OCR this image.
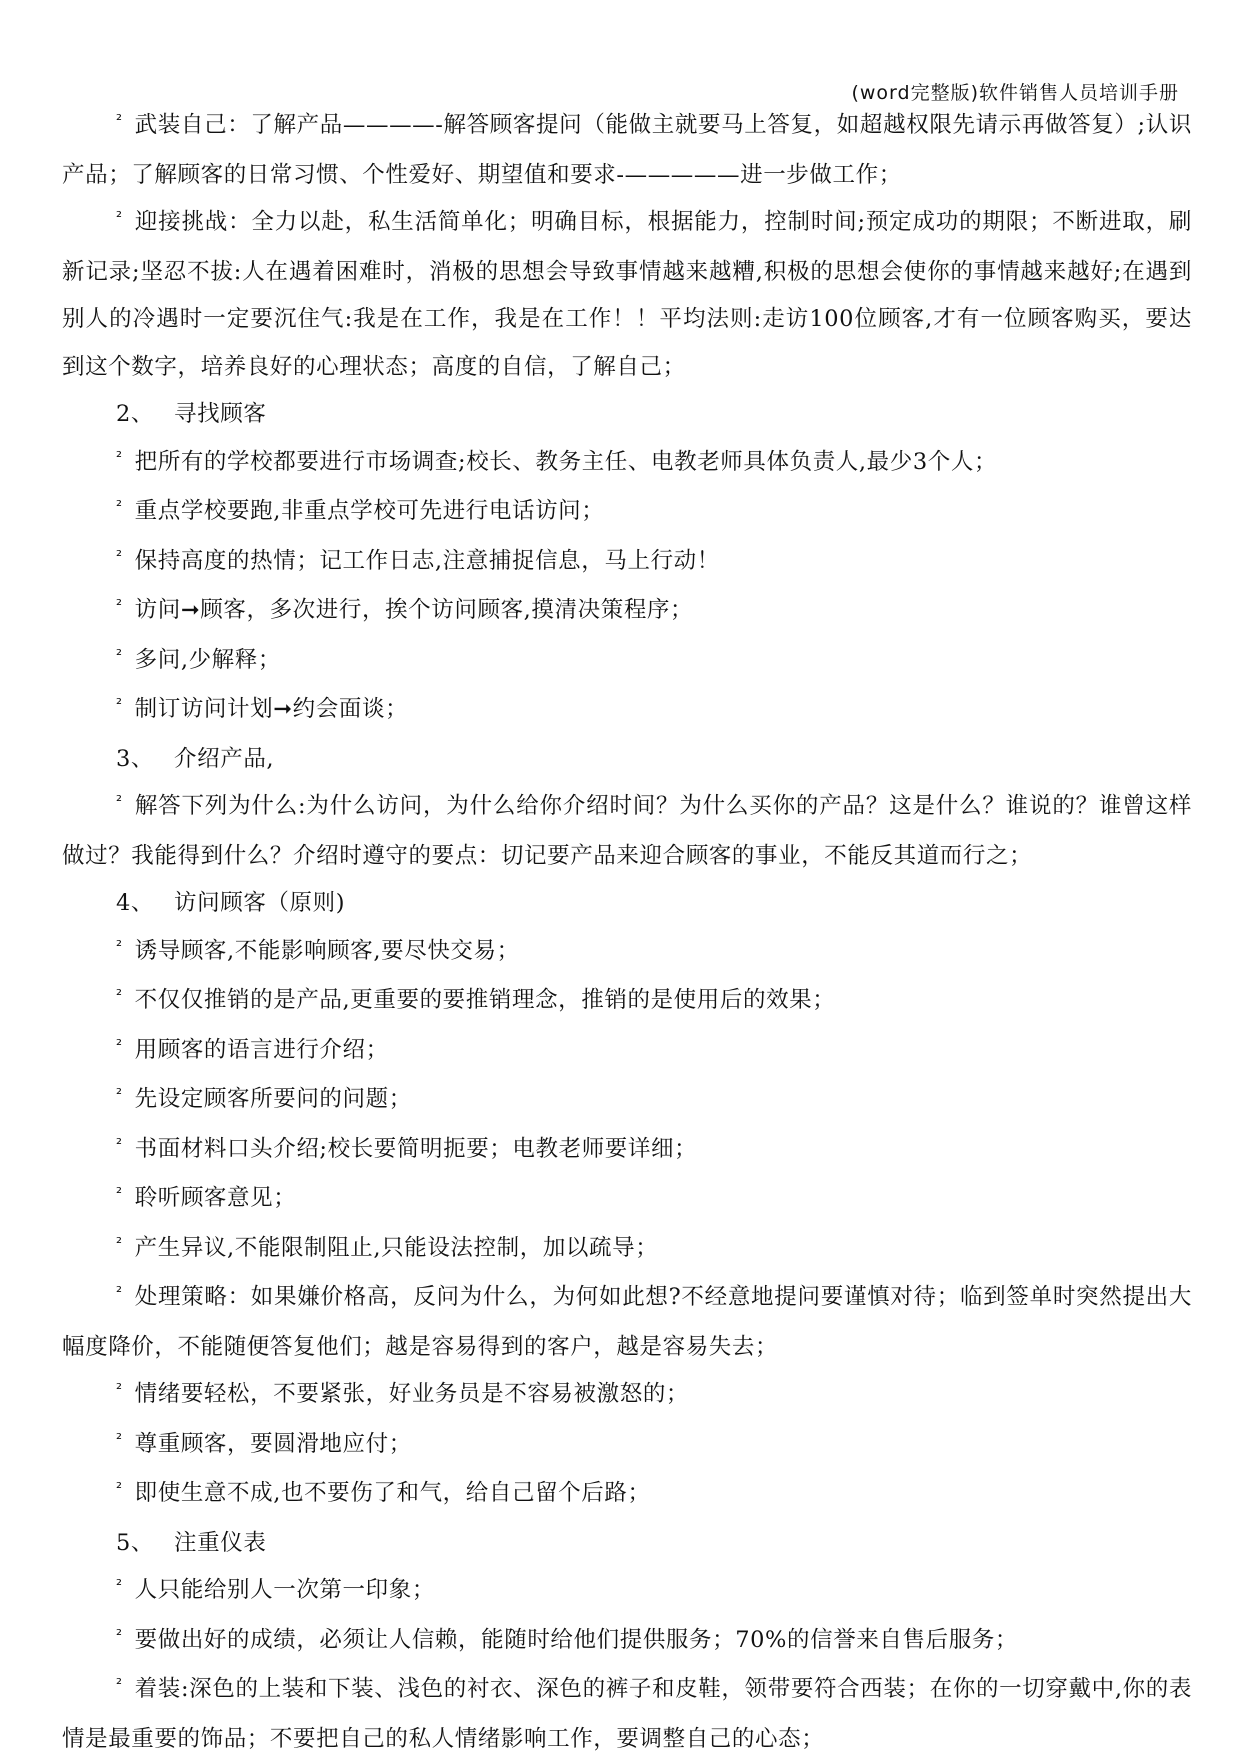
(word完整版)软件销售人员培训手册

$^{^2}$ 武装自己：了解产品————-解答顾客提问（能做主就要马上答复，如超越权限先请示再做答复）;认识产品；了解顾客的日常习惯、个性爱好、期望值和要求-—————进一步做工作；

$^{^2}$ 迎接挑战：全力以赴，私生活简单化；明确目标，根据能力，控制时间;预定成功的期限；不断进取，刷新记录;坚忍不拔:人在遇着困难时，消极的思想会导致事情越来越糟,积极的思想会使你的事情越来越好;在遇到别人的冷遇时一定要沉住气:我是在工作，我是在工作！！平均法则:走访100位顾客,才有一位顾客购买，要达到这个数字，培养良好的心理状态；高度的自信，了解自己；

2、 寻找顾客

$^{^2}$ 把所有的学校都要进行市场调查;校长、教务主任、电教老师具体负责人,最少3个人；

$^{^2}$ 重点学校要跑,非重点学校可先进行电话访问；

$^{^2}$ 保持高度的热情；记工作日志,注意捕捉信息，马上行动！

$^{^2}$ 访问➞顾客，多次进行，挨个访问顾客,摸清决策程序；

$^{^2}$ 多问,少解释；

$^{^2}$ 制订访问计划➞约会面谈；

3、 介绍产品,

$^{^2}$ 解答下列为什么:为什么访问，为什么给你介绍时间？为什么买你的产品？这是什么？谁说的？谁曾这样做过？我能得到什么？介绍时遵守的要点：切记要产品来迎合顾客的事业，不能反其道而行之；

4、 访问顾客（原则)

$^{^2}$ 诱导顾客,不能影响顾客,要尽快交易；

$^{^2}$ 不仅仅推销的是产品,更重要的要推销理念，推销的是使用后的效果；

$^{^2}$ 用顾客的语言进行介绍；

$^{^2}$ 先设定顾客所要问的问题；

$^{^2}$ 书面材料口头介绍;校长要简明扼要；电教老师要详细；

$^{^2}$ 聆听顾客意见；

$^{^2}$ 产生异议,不能限制阻止,只能设法控制，加以疏导；

$^{^2}$ 处理策略：如果嫌价格高，反问为什么，为何如此想?不经意地提问要谨慎对待；临到签单时突然提出大幅度降价，不能随便答复他们；越是容易得到的客户，越是容易失去；

$^{^2}$ 情绪要轻松，不要紧张，好业务员是不容易被激怒的；

$^{^2}$ 尊重顾客，要圆滑地应付；

$^{^2}$ 即使生意不成,也不要伤了和气，给自己留个后路；

5、 注重仪表

$^{^2}$ 人只能给别人一次第一印象；

$^{^2}$ 要做出好的成绩，必须让人信赖，能随时给他们提供服务；70%的信誉来自售后服务；

$^{^2}$ 着装:深色的上装和下装、浅色的衬衣、深色的裤子和皮鞋，领带要符合西装；在你的一切穿戴中,你的表情是最重要的饰品；不要把自己的私人情绪影响工作，要调整自己的心态；
